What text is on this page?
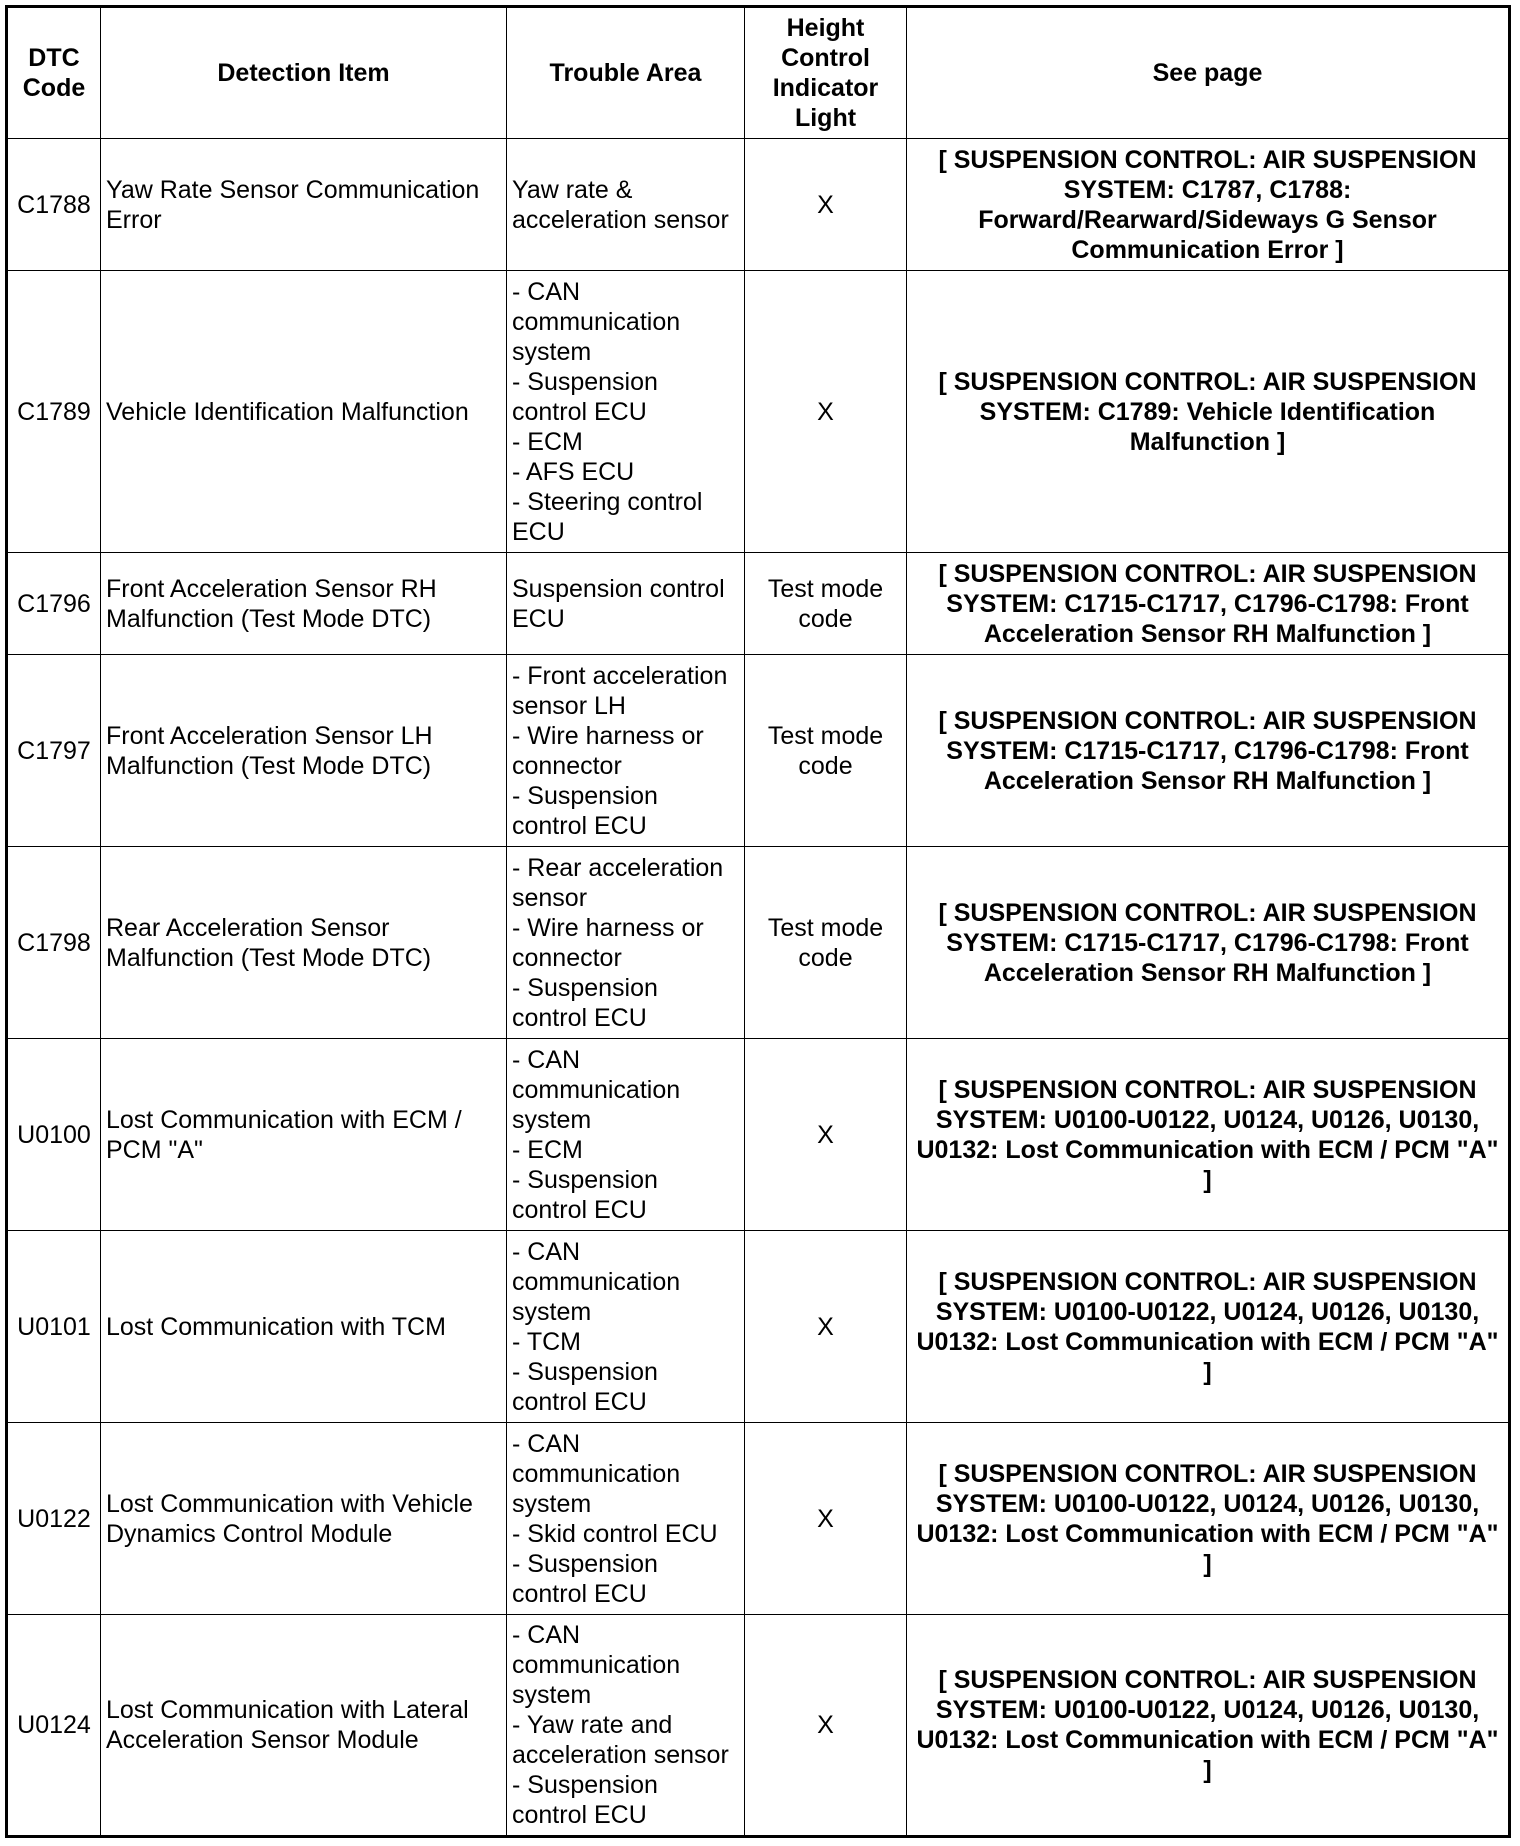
DTC Code	Detection Item	Trouble Area	Height Control Indicator Light	See page
C1788	Yaw Rate Sensor Communication Error	Yaw rate & acceleration sensor	X	[ SUSPENSION CONTROL: AIR SUSPENSION SYSTEM: C1787, C1788: Forward/Rearward/Sideways G Sensor Communication Error ]
C1789	Vehicle Identification Malfunction	- CAN communication system
- Suspension control ECU
- ECM
- AFS ECU
- Steering control ECU	X	[ SUSPENSION CONTROL: AIR SUSPENSION SYSTEM: C1789: Vehicle Identification Malfunction ]
C1796	Front Acceleration Sensor RH Malfunction (Test Mode DTC)	Suspension control ECU	Test mode
code	[ SUSPENSION CONTROL: AIR SUSPENSION SYSTEM: C1715-C1717, C1796-C1798: Front Acceleration Sensor RH Malfunction ]
C1797	Front Acceleration Sensor LH Malfunction (Test Mode DTC)	- Front acceleration sensor LH
- Wire harness or connector
- Suspension control ECU	Test mode
code	[ SUSPENSION CONTROL: AIR SUSPENSION SYSTEM: C1715-C1717, C1796-C1798: Front Acceleration Sensor RH Malfunction ]
C1798	Rear Acceleration Sensor Malfunction (Test Mode DTC)	- Rear acceleration sensor
- Wire harness or connector
- Suspension control ECU	Test mode
code	[ SUSPENSION CONTROL: AIR SUSPENSION SYSTEM: C1715-C1717, C1796-C1798: Front Acceleration Sensor RH Malfunction ]
U0100	Lost Communication with ECM / PCM "A"	- CAN communication system
- ECM
- Suspension control ECU	X	[ SUSPENSION CONTROL: AIR SUSPENSION SYSTEM: U0100-U0122, U0124, U0126, U0130, U0132: Lost Communication with ECM / PCM "A" ]
U0101	Lost Communication with TCM	- CAN communication system
- TCM
- Suspension control ECU	X	[ SUSPENSION CONTROL: AIR SUSPENSION SYSTEM: U0100-U0122, U0124, U0126, U0130, U0132: Lost Communication with ECM / PCM "A" ]
U0122	Lost Communication with Vehicle Dynamics Control Module	- CAN communication system
- Skid control ECU
- Suspension control ECU	X	[ SUSPENSION CONTROL: AIR SUSPENSION SYSTEM: U0100-U0122, U0124, U0126, U0130, U0132: Lost Communication with ECM / PCM "A" ]
U0124	Lost Communication with Lateral Acceleration Sensor Module	- CAN communication system
- Yaw rate and acceleration sensor
- Suspension control ECU	X	[ SUSPENSION CONTROL: AIR SUSPENSION SYSTEM: U0100-U0122, U0124, U0126, U0130, U0132: Lost Communication with ECM / PCM "A" ]
